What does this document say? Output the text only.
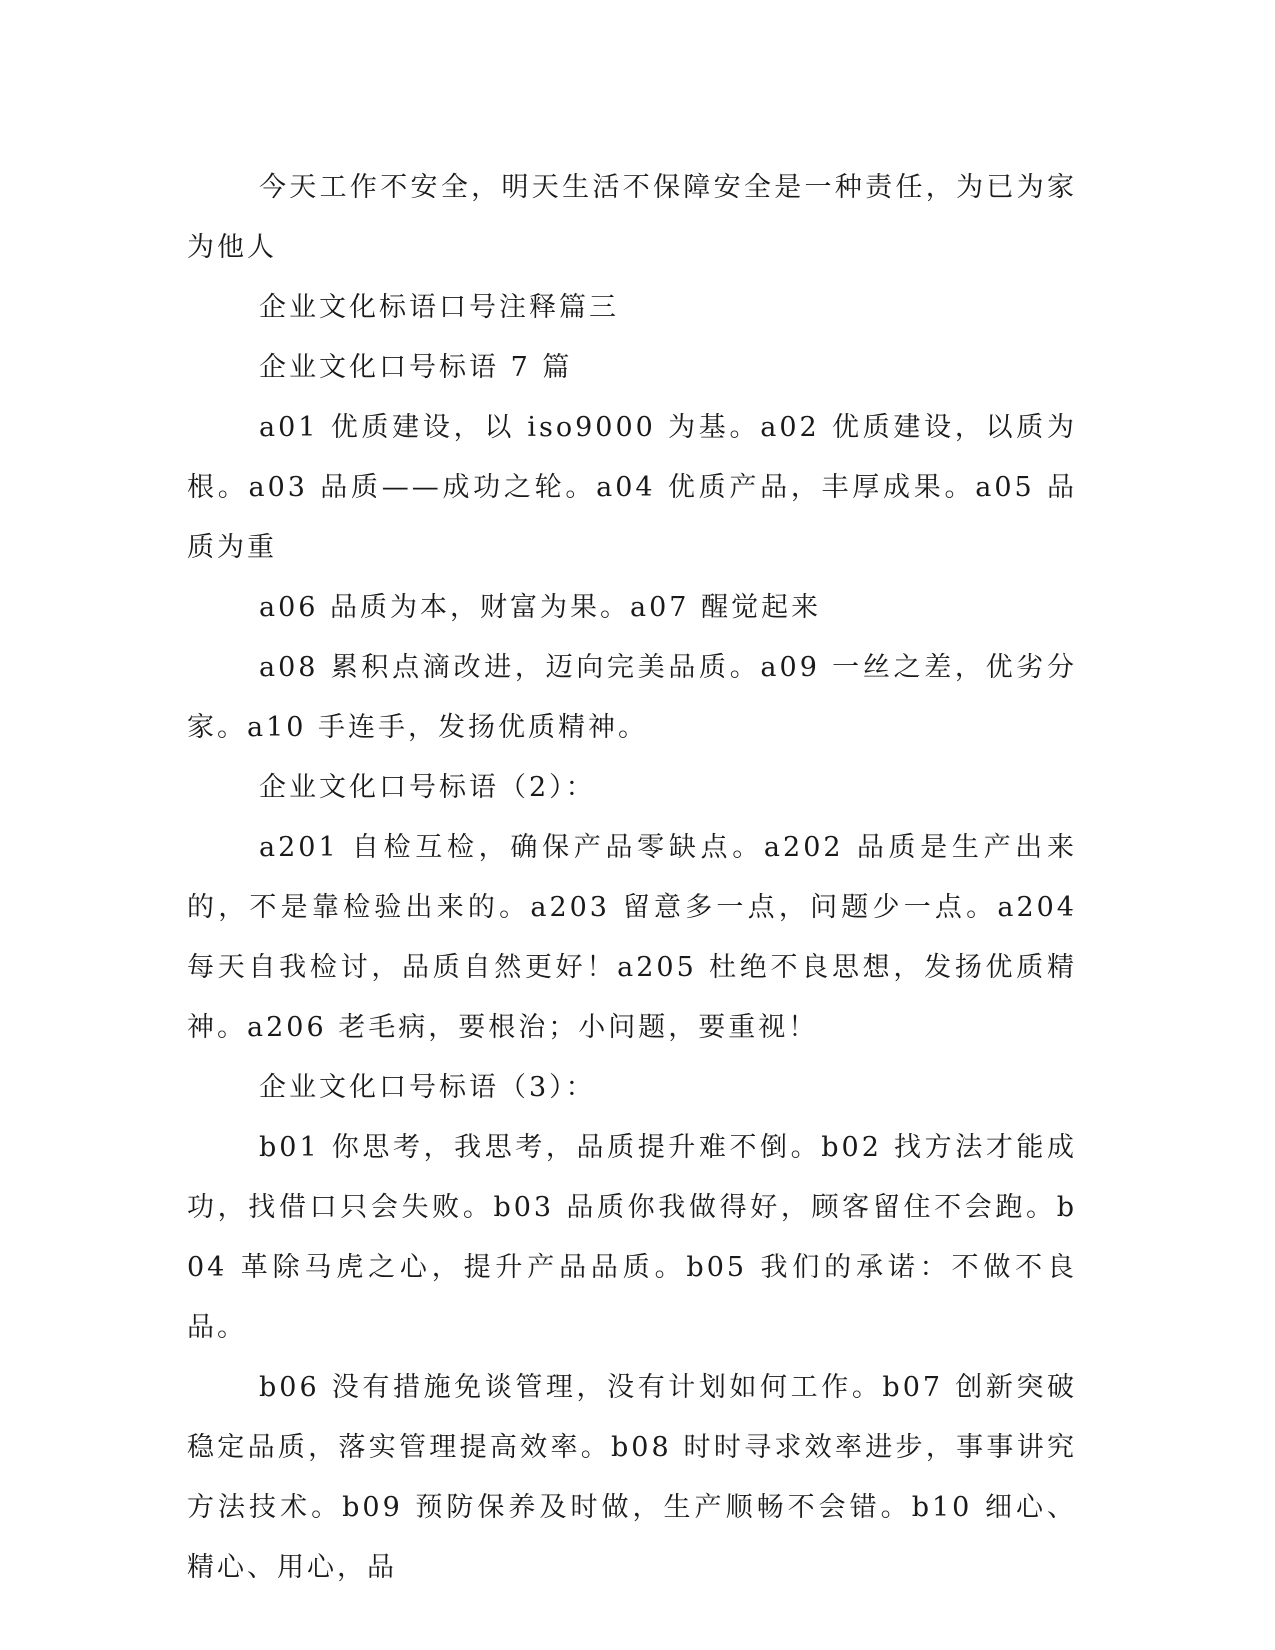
今天工作不安全，明天生活不保障安全是一种责任，为已为家为他人

企业文化标语口号注释篇三

企业文化口号标语 7 篇

a01 优质建设，以 iso9000 为基。a02 优质建设，以质为根。a03 品质——成功之轮。a04 优质产品，丰厚成果。a05 品质为重

a06 品质为本，财富为果。a07 醒觉起来

a08 累积点滴改进，迈向完美品质。a09 一丝之差，优劣分家。a10 手连手，发扬优质精神。

企业文化口号标语（2）：

a201 自检互检，确保产品零缺点。a202 品质是生产出来的，不是靠检验出来的。a203 留意多一点，问题少一点。a204 每天自我检讨，品质自然更好！a205 杜绝不良思想，发扬优质精神。a206 老毛病，要根治；小问题，要重视！

企业文化口号标语（3）：

b01 你思考，我思考，品质提升难不倒。b02 找方法才能成功，找借口只会失败。b03 品质你我做得好，顾客留住不会跑。b04 革除马虎之心，提升产品品质。b05 我们的承诺：不做不良品。

b06 没有措施免谈管理，没有计划如何工作。b07 创新突破稳定品质，落实管理提高效率。b08 时时寻求效率进步，事事讲究方法技术。b09 预防保养及时做，生产顺畅不会错。b10 细心、精心、用心，品
